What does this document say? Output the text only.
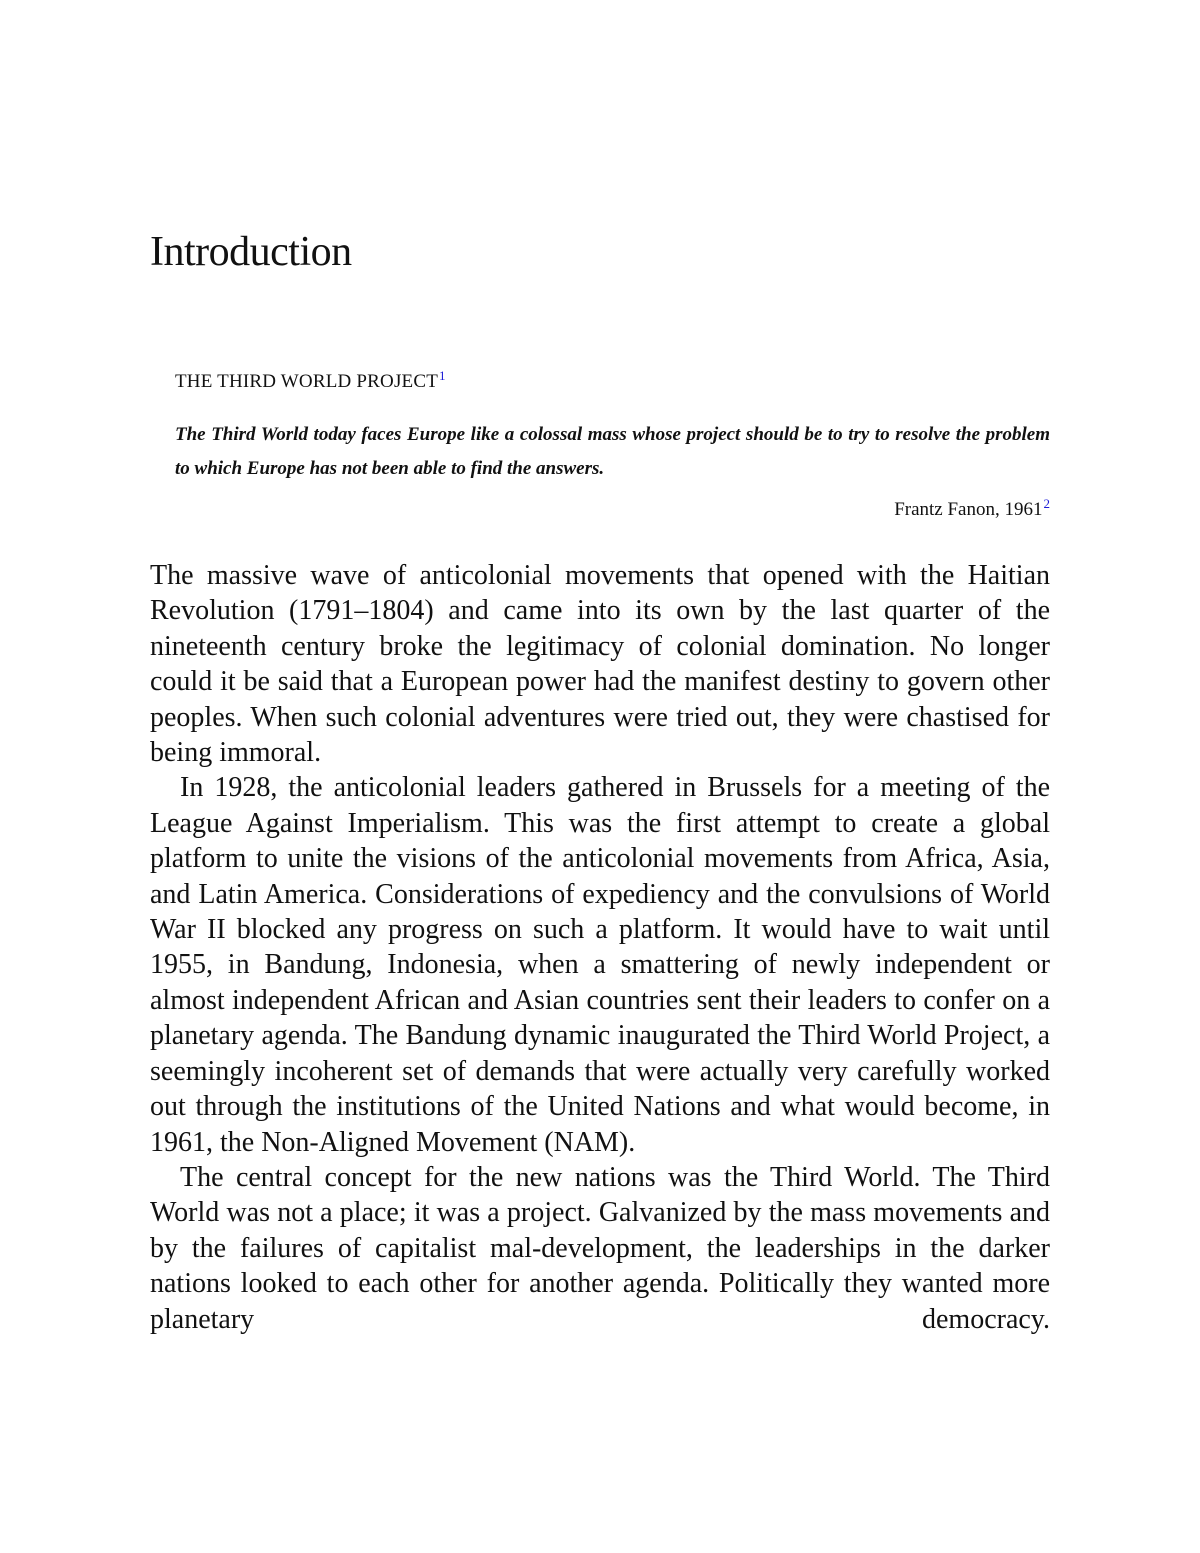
Introduction
THE THIRD WORLD PROJECT$^1$
The Third World today faces Europe like a colossal mass whose project should be to try to resolve the problem to which Europe has not been able to find the answers.

Frantz Fanon, 1961$^2$

The massive wave of anticolonial movements that opened with the Haitian Revolution (1791–1804) and came into its own by the last quarter of the nineteenth century broke the legitimacy of colonial domination. No longer could it be said that a European power had the manifest destiny to govern other peoples. When such colonial adventures were tried out, they were chastised for being immoral.

In 1928, the anticolonial leaders gathered in Brussels for a meeting of the League Against Imperialism. This was the first attempt to create a global platform to unite the visions of the anticolonial movements from Africa, Asia, and Latin America. Considerations of expediency and the convulsions of World War II blocked any progress on such a platform. It would have to wait until 1955, in Bandung, Indonesia, when a smattering of newly independent or almost independent African and Asian countries sent their leaders to confer on a planetary agenda. The Bandung dynamic inaugurated the Third World Project, a seemingly incoherent set of demands that were actually very carefully worked out through the institutions of the United Nations and what would become, in 1961, the Non-Aligned Movement (NAM).

The central concept for the new nations was the Third World. The Third World was not a place; it was a project. Galvanized by the mass movements and by the failures of capitalist mal-development, the leaderships in the darker nations looked to each other for another agenda. Politically they wanted more planetary democracy.
